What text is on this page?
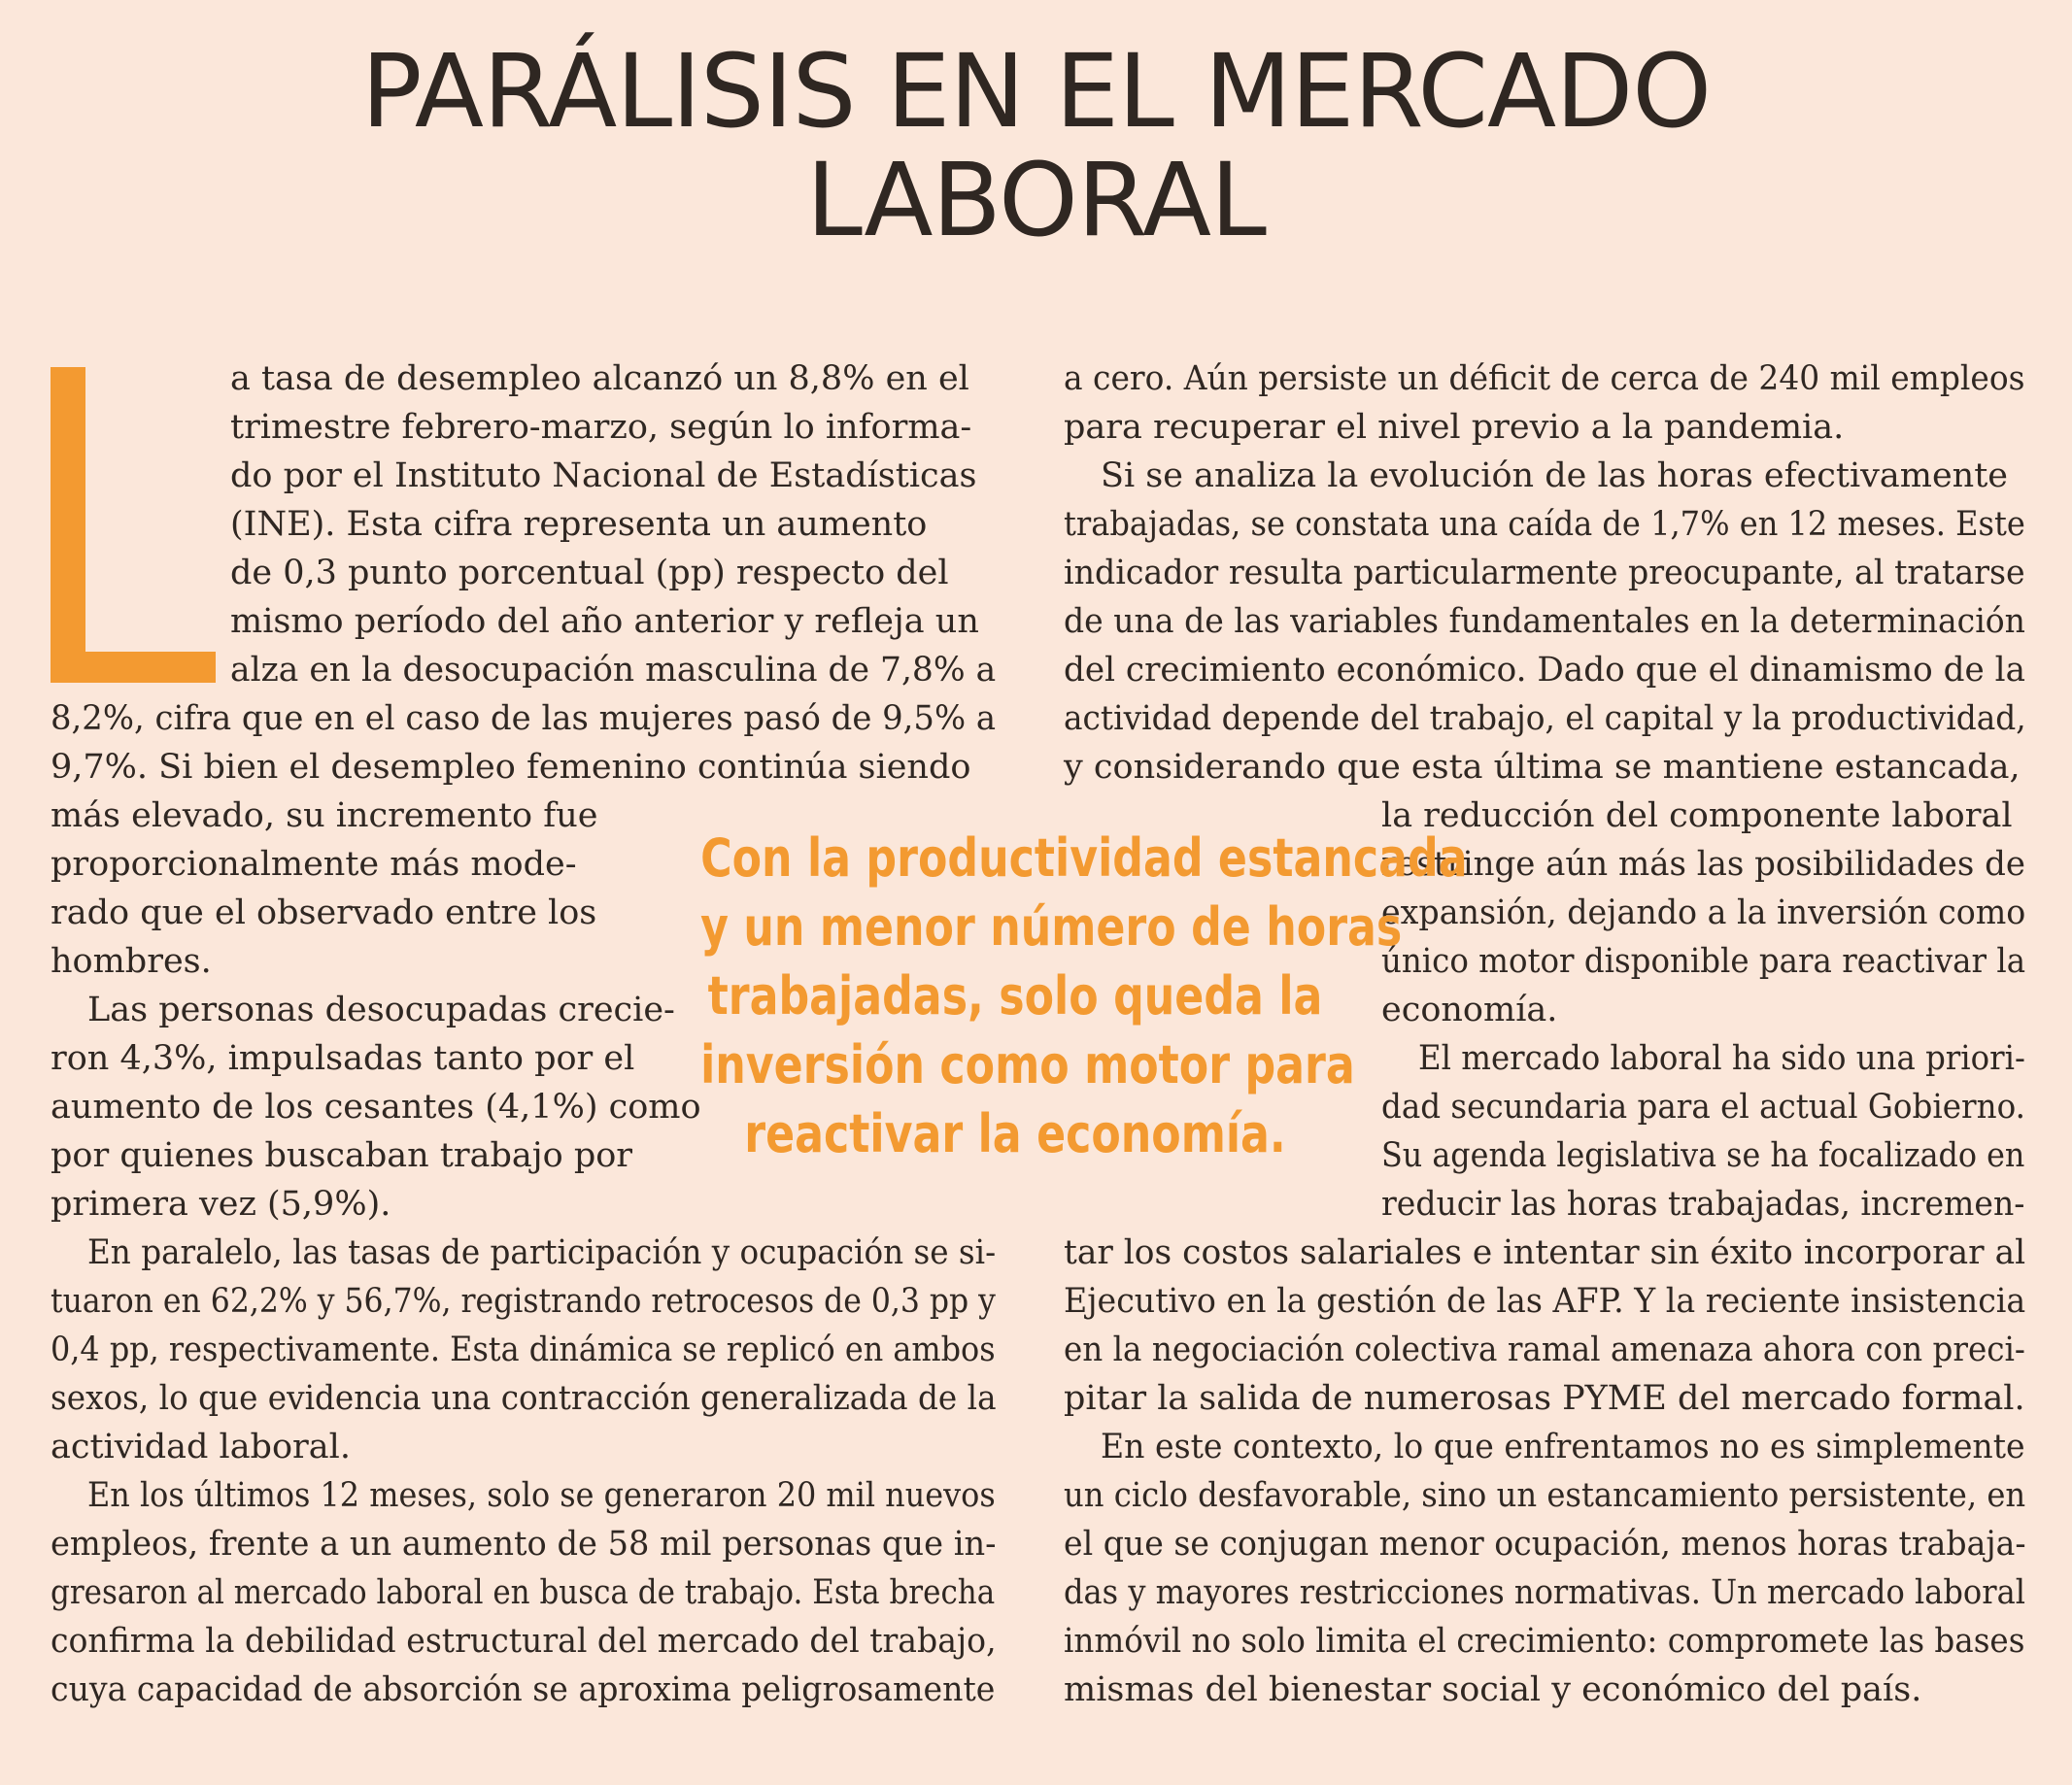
PARÁLISIS EN EL MERCADO
LABORAL
a tasa de desempleo alcanzó un 8,8% en el
trimestre febrero-marzo, según lo informa-
do por el Instituto Nacional de Estadísticas
(INE). Esta cifra representa un aumento
de 0,3 punto porcentual (pp) respecto del
mismo período del año anterior y refleja un
alza en la desocupación masculina de 7,8% a
8,2%, cifra que en el caso de las mujeres pasó de 9,5% a
9,7%. Si bien el desempleo femenino continúa siendo
más elevado, su incremento fue
proporcionalmente más mode-
rado que el observado entre los
hombres.
Las personas desocupadas crecie-
ron 4,3%, impulsadas tanto por el
aumento de los cesantes (4,1%) como
por quienes buscaban trabajo por
primera vez (5,9%).
En paralelo, las tasas de participación y ocupación se si-
tuaron en 62,2% y 56,7%, registrando retrocesos de 0,3 pp y
0,4 pp, respectivamente. Esta dinámica se replicó en ambos
sexos, lo que evidencia una contracción generalizada de la
actividad laboral.
En los últimos 12 meses, solo se generaron 20 mil nuevos
empleos, frente a un aumento de 58 mil personas que in-
gresaron al mercado laboral en busca de trabajo. Esta brecha
confirma la debilidad estructural del mercado del trabajo,
cuya capacidad de absorción se aproxima peligrosamente
a cero. Aún persiste un déficit de cerca de 240 mil empleos
para recuperar el nivel previo a la pandemia.
Si se analiza la evolución de las horas efectivamente
trabajadas, se constata una caída de 1,7% en 12 meses. Este
indicador resulta particularmente preocupante, al tratarse
de una de las variables fundamentales en la determinación
del crecimiento económico. Dado que el dinamismo de la
actividad depende del trabajo, el capital y la productividad,
y considerando que esta última se mantiene estancada,
la reducción del componente laboral
restringe aún más las posibilidades de
expansión, dejando a la inversión como
único motor disponible para reactivar la
economía.
El mercado laboral ha sido una priori-
dad secundaria para el actual Gobierno.
Su agenda legislativa se ha focalizado en
reducir las horas trabajadas, incremen-
tar los costos salariales e intentar sin éxito incorporar al
Ejecutivo en la gestión de las AFP. Y la reciente insistencia
en la negociación colectiva ramal amenaza ahora con preci-
pitar la salida de numerosas PYME del mercado formal.
En este contexto, lo que enfrentamos no es simplemente
un ciclo desfavorable, sino un estancamiento persistente, en
el que se conjugan menor ocupación, menos horas trabaja-
das y mayores restricciones normativas. Un mercado laboral
inmóvil no solo limita el crecimiento: compromete las bases
mismas del bienestar social y económico del país.
Con la productividad estancada
y un menor número de horas
trabajadas, solo queda la
inversión como motor para
reactivar la economía.
